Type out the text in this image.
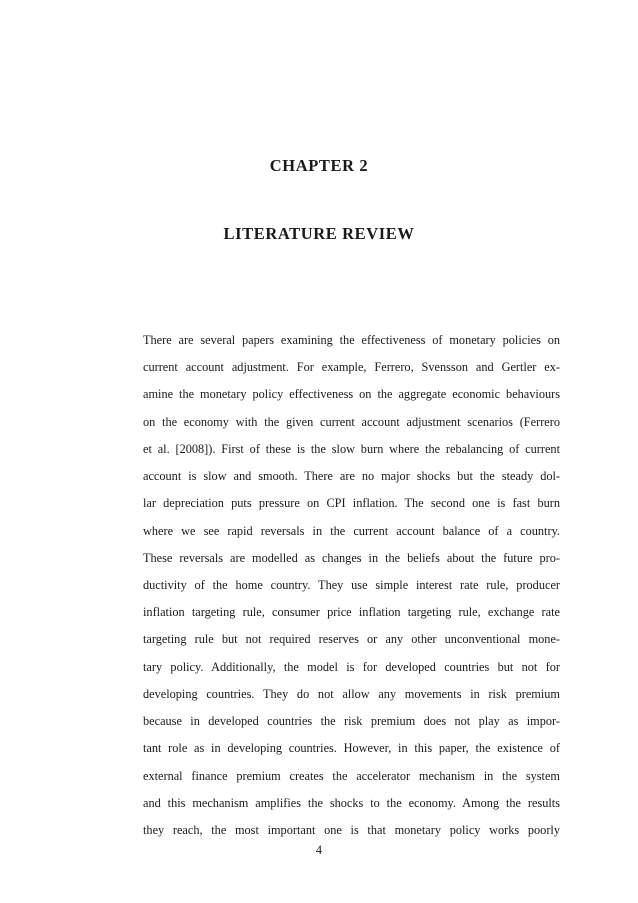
CHAPTER 2
LITERATURE REVIEW
There are several papers examining the effectiveness of monetary policies on
current account adjustment. For example, Ferrero, Svensson and Gertler ex-
amine the monetary policy effectiveness on the aggregate economic behaviours
on the economy with the given current account adjustment scenarios (Ferrero
et al. [2008]). First of these is the slow burn where the rebalancing of current
account is slow and smooth. There are no major shocks but the steady dol-
lar depreciation puts pressure on CPI inflation. The second one is fast burn
where we see rapid reversals in the current account balance of a country.
These reversals are modelled as changes in the beliefs about the future pro-
ductivity of the home country. They use simple interest rate rule, producer
inflation targeting rule, consumer price inflation targeting rule, exchange rate
targeting rule but not required reserves or any other unconventional mone-
tary policy. Additionally, the model is for developed countries but not for
developing countries. They do not allow any movements in risk premium
because in developed countries the risk premium does not play as impor-
tant role as in developing countries. However, in this paper, the existence of
external finance premium creates the accelerator mechanism in the system
and this mechanism amplifies the shocks to the economy. Among the results
they reach, the most important one is that monetary policy works poorly
4
